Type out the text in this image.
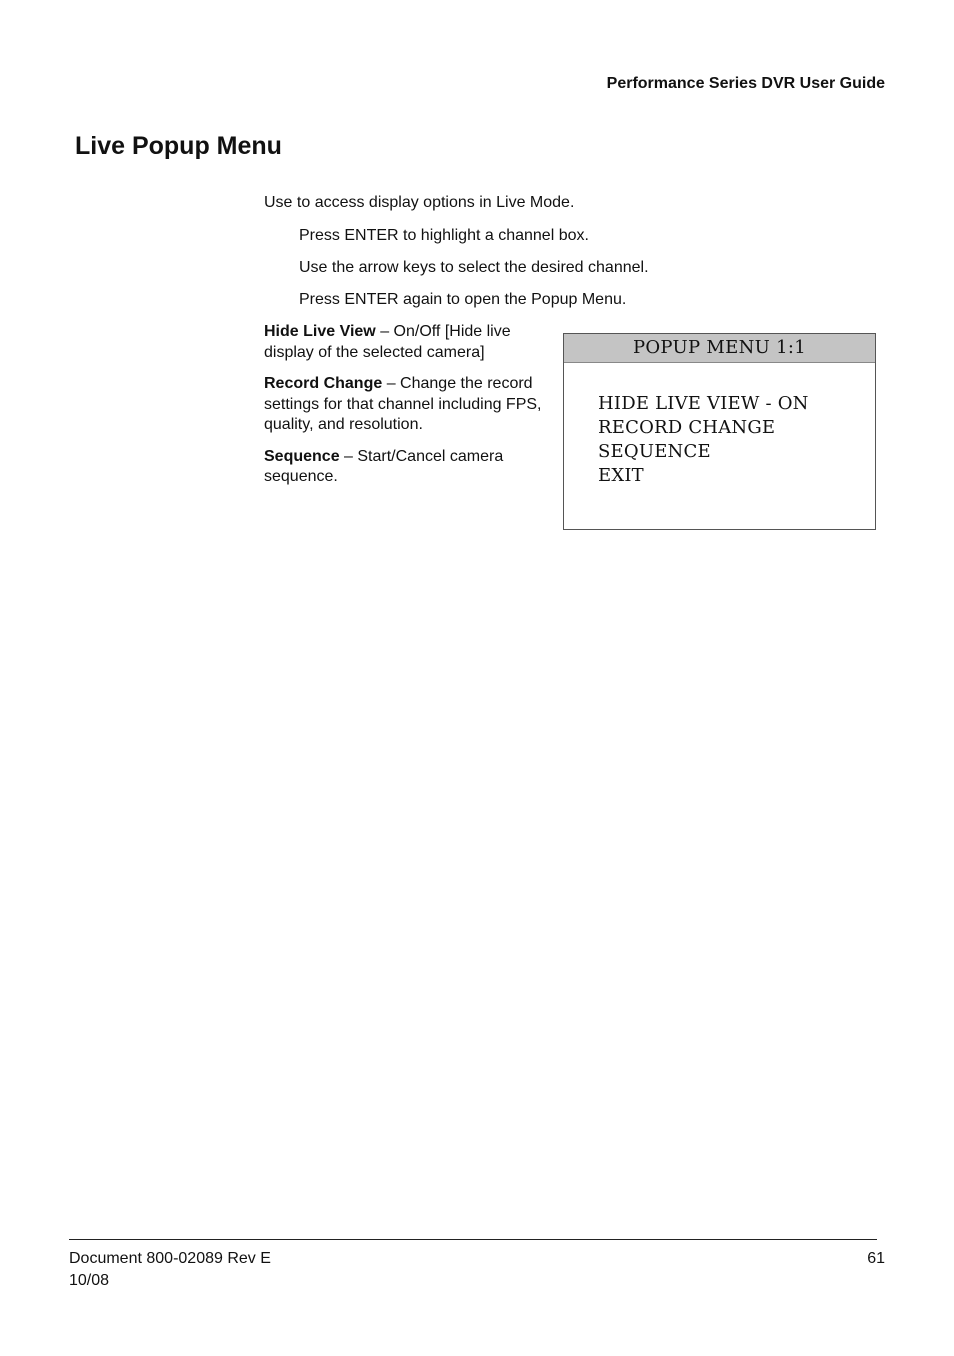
Performance Series DVR User Guide
Live Popup Menu

Use to access display options in Live Mode.

Press ENTER to highlight a channel box.
Use the arrow keys to select the desired channel.
Press ENTER again to open the Popup Menu.

Hide Live View – On/Off [Hide live display of the selected camera]

Record Change – Change the record settings for that channel including FPS, quality, and resolution.

Sequence – Start/Cancel camera sequence.

POPUP MENU 1:1
HIDE LIVE VIEW - ON
RECORD CHANGE
SEQUENCE
EXIT
Document 800-02089 Rev E
10/08
61
